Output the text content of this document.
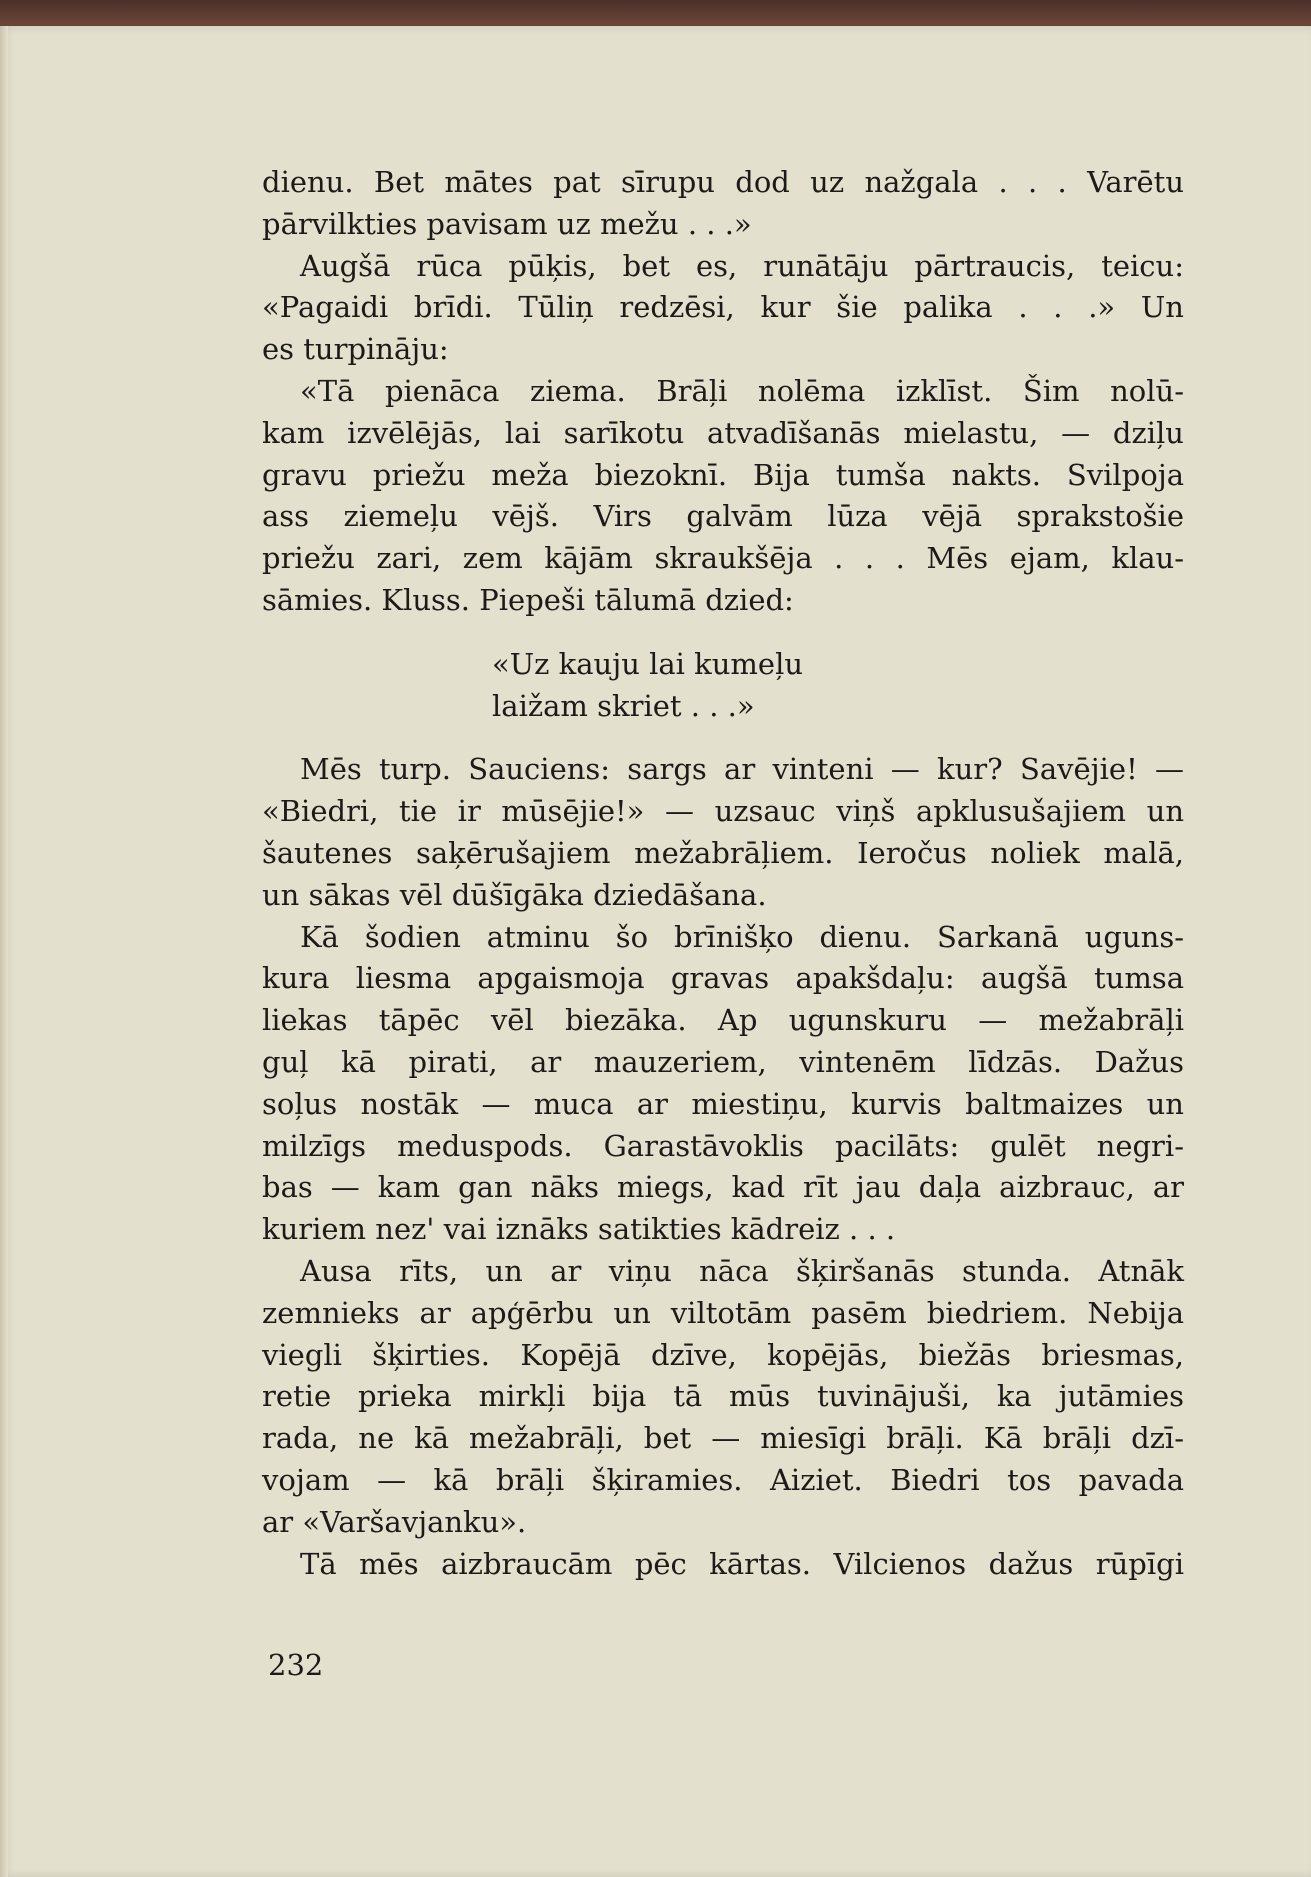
dienu. Bet mātes pat sīrupu dod uz nažgala . . . Varētu
pārvilkties pavisam uz mežu . . .»
Augšā rūca pūķis, bet es, runātāju pārtraucis, teicu:
«Pagaidi brīdi. Tūliņ redzēsi, kur šie palika . . .» Un
es turpināju:
«Tā pienāca ziema. Brāļi nolēma izklīst. Šim nolū-
kam izvēlējās, lai sarīkotu atvadīšanās mielastu, — dziļu
gravu priežu meža biezoknī. Bija tumša nakts. Svilpoja
ass ziemeļu vējš. Virs galvām lūza vējā sprakstošie
priežu zari, zem kājām skraukšēja . . . Mēs ejam, klau-
sāmies. Kluss. Piepeši tālumā dzied:
«Uz kauju lai kumeļu
laižam skriet . . .»
Mēs turp. Sauciens: sargs ar vinteni — kur? Savējie! —
«Biedri, tie ir mūsējie!» — uzsauc viņš apklusušajiem un
šautenes saķērušajiem mežabrāļiem. Ieročus noliek malā,
un sākas vēl dūšīgāka dziedāšana.
Kā šodien atminu šo brīnišķo dienu. Sarkanā uguns-
kura liesma apgaismoja gravas apakšdaļu: augšā tumsa
liekas tāpēc vēl biezāka. Ap ugunskuru — mežabrāļi
guļ kā pirati, ar mauzeriem, vintenēm līdzās. Dažus
soļus nostāk — muca ar miestiņu, kurvis baltmaizes un
milzīgs meduspods. Garastāvoklis pacilāts: gulēt negri-
bas — kam gan nāks miegs, kad rīt jau daļa aizbrauc, ar
kuriem nez' vai iznāks satikties kādreiz . . .
Ausa rīts, un ar viņu nāca šķiršanās stunda. Atnāk
zemnieks ar apģērbu un viltotām pasēm biedriem. Nebija
viegli šķirties. Kopējā dzīve, kopējās, biežās briesmas,
retie prieka mirkļi bija tā mūs tuvinājuši, ka jutāmies
rada, ne kā mežabrāļi, bet — miesīgi brāļi. Kā brāļi dzī-
vojam — kā brāļi šķiramies. Aiziet. Biedri tos pavada
ar «Varšavjanku».
Tā mēs aizbraucām pēc kārtas. Vilcienos dažus rūpīgi
232
